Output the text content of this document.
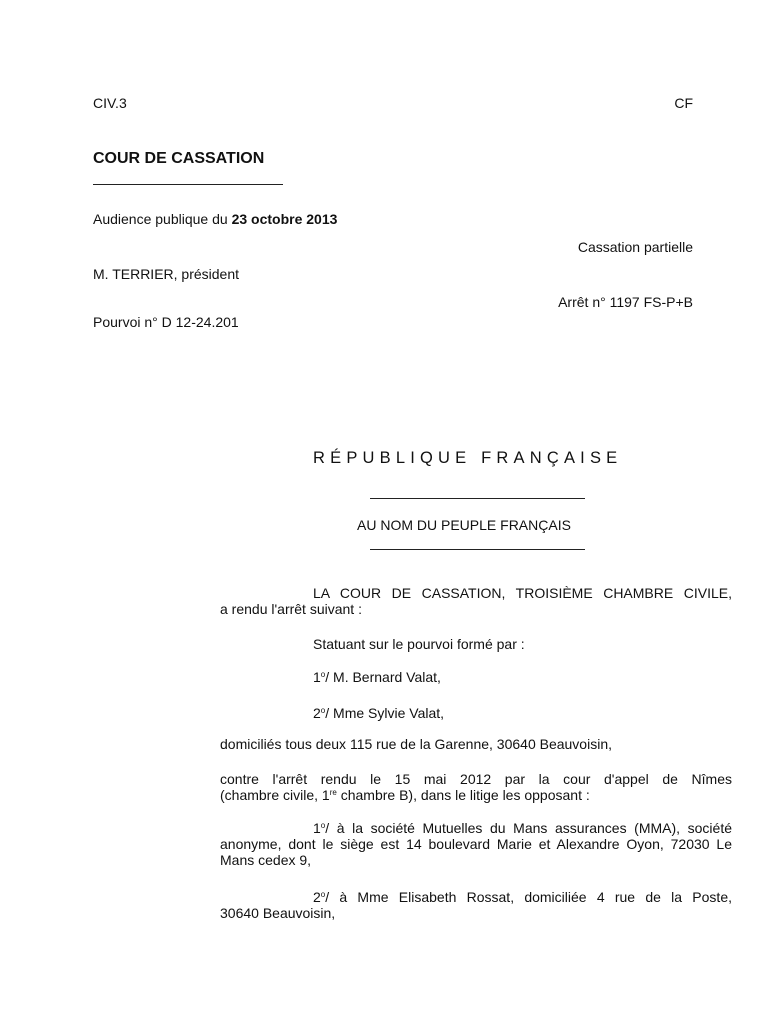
CIV.3	CF
COUR DE CASSATION
Audience publique du 23 octobre 2013
Cassation partielle
M. TERRIER, président
Arrêt n° 1197 FS-P+B
Pourvoi n° D 12-24.201
RÉPUBLIQUE FRANÇAISE
AU NOM DU PEUPLE FRANÇAIS
LA COUR DE CASSATION, TROISIÈME CHAMBRE CIVILE,
a rendu l'arrêt suivant :
Statuant sur le pourvoi formé par :
1$^o$/ M. Bernard Valat,
2$^o$/ Mme Sylvie Valat,
domiciliés tous deux 115 rue de la Garenne, 30640 Beauvoisin,
contre l'arrêt rendu le 15 mai 2012 par la cour d'appel de Nîmes
(chambre civile, 1re chambre B), dans le litige les opposant :
1$^o$/ à la société Mutuelles du Mans assurances (MMA), société
anonyme, dont le siège est 14 boulevard Marie et Alexandre Oyon, 72030 Le
Mans cedex 9,
2$^o$/ à Mme Elisabeth Rossat, domiciliée 4 rue de la Poste,
30640 Beauvoisin,
